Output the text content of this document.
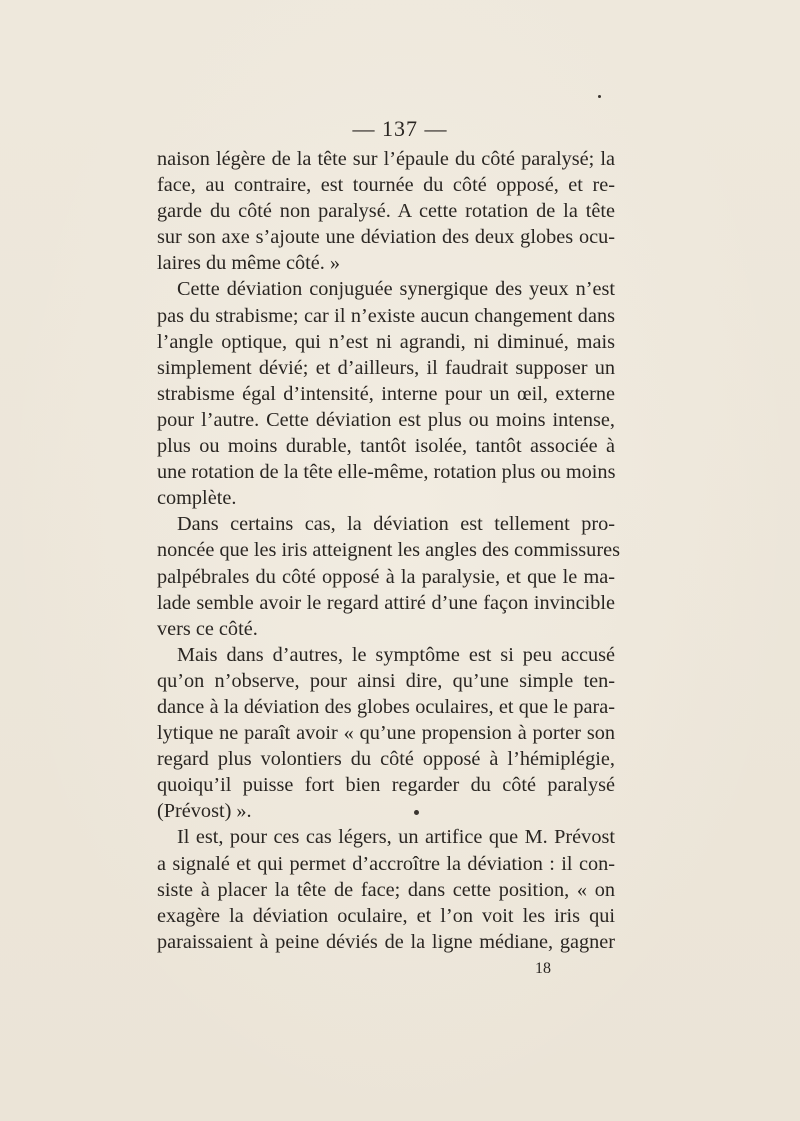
— 137 —
naison légère de la tête sur l’épaule du côté paralysé; la
face, au contraire, est tournée du côté opposé, et re-
garde du côté non paralysé. A cette rotation de la tête
sur son axe s’ajoute une déviation des deux globes ocu-
laires du même côté. »
Cette déviation conjuguée synergique des yeux n’est
pas du strabisme; car il n’existe aucun changement dans
l’angle optique, qui n’est ni agrandi, ni diminué, mais
simplement dévié; et d’ailleurs, il faudrait supposer un
strabisme égal d’intensité, interne pour un œil, externe
pour l’autre. Cette déviation est plus ou moins intense,
plus ou moins durable, tantôt isolée, tantôt associée à
une rotation de la tête elle-même, rotation plus ou moins
complète.
Dans certains cas, la déviation est tellement pro-
noncée que les iris atteignent les angles des commissures
palpébrales du côté opposé à la paralysie, et que le ma-
lade semble avoir le regard attiré d’une façon invincible
vers ce côté.
Mais dans d’autres, le symptôme est si peu accusé
qu’on n’observe, pour ainsi dire, qu’une simple ten-
dance à la déviation des globes oculaires, et que le para-
lytique ne paraît avoir « qu’une propension à porter son
regard plus volontiers du côté opposé à l’hémiplégie,
quoiqu’il puisse fort bien regarder du côté paralysé
(Prévost) ».
Il est, pour ces cas légers, un artifice que M. Prévost
a signalé et qui permet d’accroître la déviation : il con-
siste à placer la tête de face; dans cette position, « on
exagère la déviation oculaire, et l’on voit les iris qui
paraissaient à peine déviés de la ligne médiane, gagner
18
